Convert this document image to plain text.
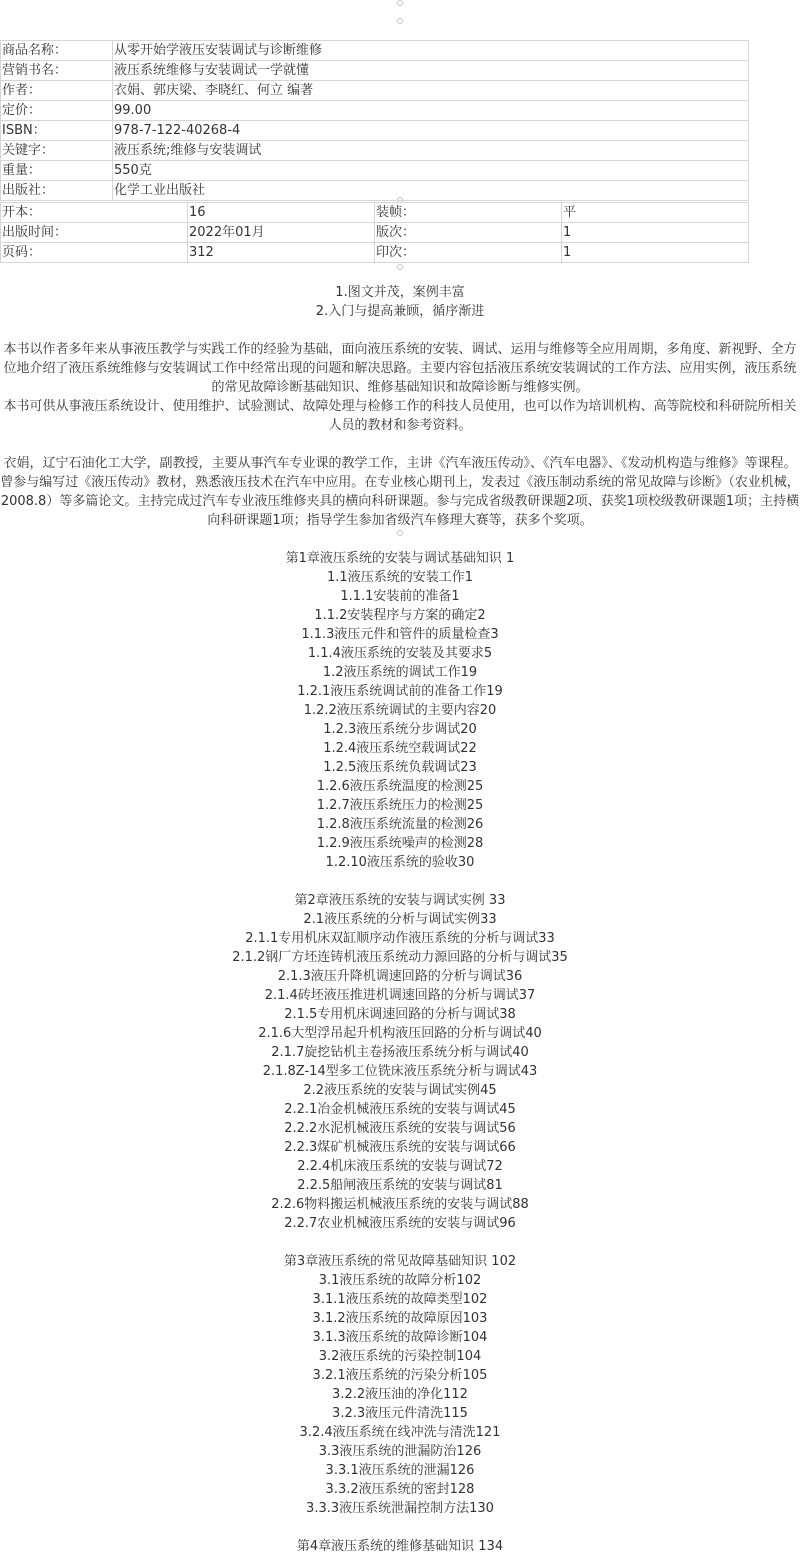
商品名称：	从零开始学液压安装调试与诊断维修
营销书名：	液压系统维修与安装调试一学就懂
作者：	衣娟、郭庆梁、李晓红、何立 编著
定价：	99.00
ISBN：	978-7-122-40268-4
关键字：	液压系统;维修与安装调试
重量：	550克
出版社：	化学工业出版社
开本：	16	装帧：	平
出版时间：	2022年01月	版次：	1
页码：	312	印次：	1

1.图文并茂，案例丰富

2.入门与提高兼顾，循序渐进

本书以作者多年来从事液压教学与实践工作的经验为基础，面向液压系统的安装、调试、运用与维修等全应用周期，多角度、新视野、全方位地介绍了液压系统维修与安装调试工作中经常出现的问题和解决思路。主要内容包括液压系统安装调试的工作方法、应用实例，液压系统的常见故障诊断基础知识、维修基础知识和故障诊断与维修实例。

本书可供从事液压系统设计、使用维护、试验测试、故障处理与检修工作的科技人员使用，也可以作为培训机构、高等院校和科研院所相关人员的教材和参考资料。

衣娟，辽宁石油化工大学，副教授，主要从事汽车专业课的教学工作，主讲《汽车液压传动》、《汽车电器》、《发动机构造与维修》等课程。曾参与编写过《液压传动》教材，熟悉液压技术在汽车中应用。在专业核心期刊上，发表过《液压制动系统的常见故障与诊断》（农业机械，2008.8）等多篇论文。主持完成过汽车专业液压维修夹具的横向科研课题。参与完成省级教研课题2项、获奖1项校级教研课题1项；主持横向科研课题1项；指导学生参加省级汽车修理大赛等，获多个奖项。

第1章液压系统的安装与调试基础知识 1
1.1液压系统的安装工作1
1.1.1安装前的准备1
1.1.2安装程序与方案的确定2
1.1.3液压元件和管件的质量检查3
1.1.4液压系统的安装及其要求5
1.2液压系统的调试工作19
1.2.1液压系统调试前的准备工作19
1.2.2液压系统调试的主要内容20
1.2.3液压系统分步调试20
1.2.4液压系统空载调试22
1.2.5液压系统负载调试23
1.2.6液压系统温度的检测25
1.2.7液压系统压力的检测25
1.2.8液压系统流量的检测26
1.2.9液压系统噪声的检测28
1.2.10液压系统的验收30
第2章液压系统的安装与调试实例 33
2.1液压系统的分析与调试实例33
2.1.1专用机床双缸顺序动作液压系统的分析与调试33
2.1.2钢厂方坯连铸机液压系统动力源回路的分析与调试35
2.1.3液压升降机调速回路的分析与调试36
2.1.4砖坯液压推进机调速回路的分析与调试37
2.1.5专用机床调速回路的分析与调试38
2.1.6大型浮吊起升机构液压回路的分析与调试40
2.1.7旋挖钻机主卷扬液压系统分析与调试40
2.1.8Z-14型多工位铣床液压系统分析与调试43
2.2液压系统的安装与调试实例45
2.2.1冶金机械液压系统的安装与调试45
2.2.2水泥机械液压系统的安装与调试56
2.2.3煤矿机械液压系统的安装与调试66
2.2.4机床液压系统的安装与调试72
2.2.5船闸液压系统的安装与调试81
2.2.6物料搬运机械液压系统的安装与调试88
2.2.7农业机械液压系统的安装与调试96
第3章液压系统的常见故障基础知识 102
3.1液压系统的故障分析102
3.1.1液压系统的故障类型102
3.1.2液压系统的故障原因103
3.1.3液压系统的故障诊断104
3.2液压系统的污染控制104
3.2.1液压系统的污染分析105
3.2.2液压油的净化112
3.2.3液压元件清洗115
3.2.4液压系统在线冲洗与清洗121
3.3液压系统的泄漏防治126
3.3.1液压系统的泄漏126
3.3.2液压系统的密封128
3.3.3液压系统泄漏控制方法130
第4章液压系统的维修基础知识 134
